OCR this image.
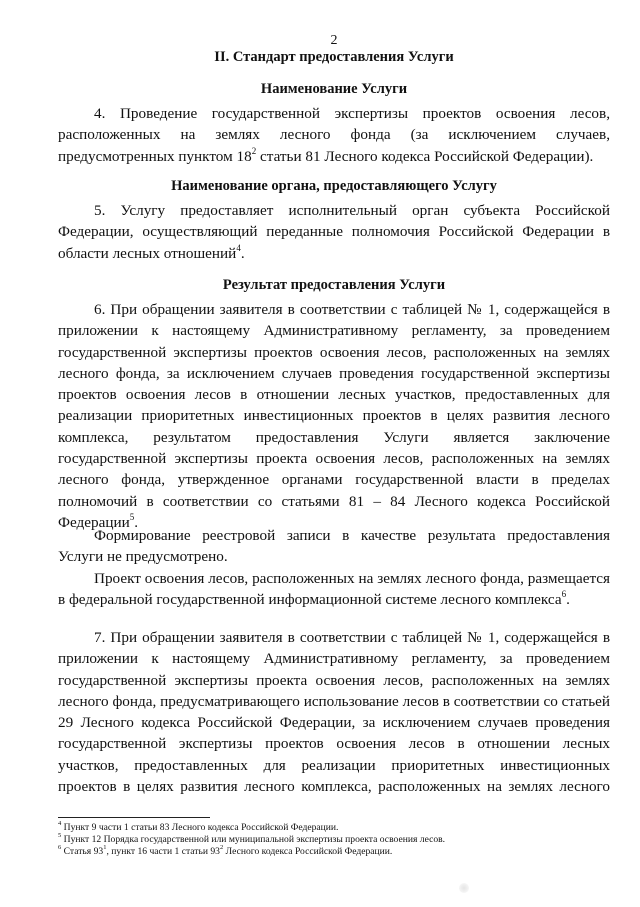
2
II. Стандарт предоставления Услуги
Наименование Услуги

4. Проведение государственной экспертизы проектов освоения лесов, расположенных на землях лесного фонда (за исключением случаев, предусмотренных пунктом $18^2$ статьи 81 Лесного кодекса Российской Федерации).

Наименование органа, предоставляющего Услугу

5. Услугу предоставляет исполнительный орган субъекта Российской Федерации, осуществляющий переданные полномочия Российской Федерации в области лесных отношений$^4$.

Результат предоставления Услуги

6. При обращении заявителя в соответствии с таблицей № 1, содержащейся в приложении к настоящему Административному регламенту, за проведением государственной экспертизы проектов освоения лесов, расположенных на землях лесного фонда, за исключением случаев проведения государственной экспертизы проектов освоения лесов в отношении лесных участков, предоставленных для реализации приоритетных инвестиционных проектов в целях развития лесного комплекса, результатом предоставления Услуги является заключение государственной экспертизы проекта освоения лесов, расположенных на землях лесного фонда, утвержденное органами государственной власти в пределах полномочий в соответствии со статьями 81 – 84 Лесного кодекса Российской Федерации$^5$.

Формирование реестровой записи в качестве результата предоставления Услуги не предусмотрено.

Проект освоения лесов, расположенных на землях лесного фонда, размещается в федеральной государственной информационной системе лесного комплекса$^6$.

7. При обращении заявителя в соответствии с таблицей № 1, содержащейся в приложении к настоящему Административному регламенту, за проведением государственной экспертизы проекта освоения лесов, расположенных на землях лесного фонда, предусматривающего использование лесов в соответствии со статьей 29 Лесного кодекса Российской Федерации, за исключением случаев проведения государственной экспертизы проектов освоения лесов в отношении лесных участков, предоставленных для реализации приоритетных инвестиционных проектов в целях развития лесного комплекса, расположенных на землях лесного

$^4$ Пункт 9 части 1 статьи 83 Лесного кодекса Российской Федерации.
$^5$ Пункт 12 Порядка государственной или муниципальной экспертизы проекта освоения лесов.
$^6$ Статья $93^1$, пункт 16 части 1 статьи $93^2$ Лесного кодекса Российской Федерации.
